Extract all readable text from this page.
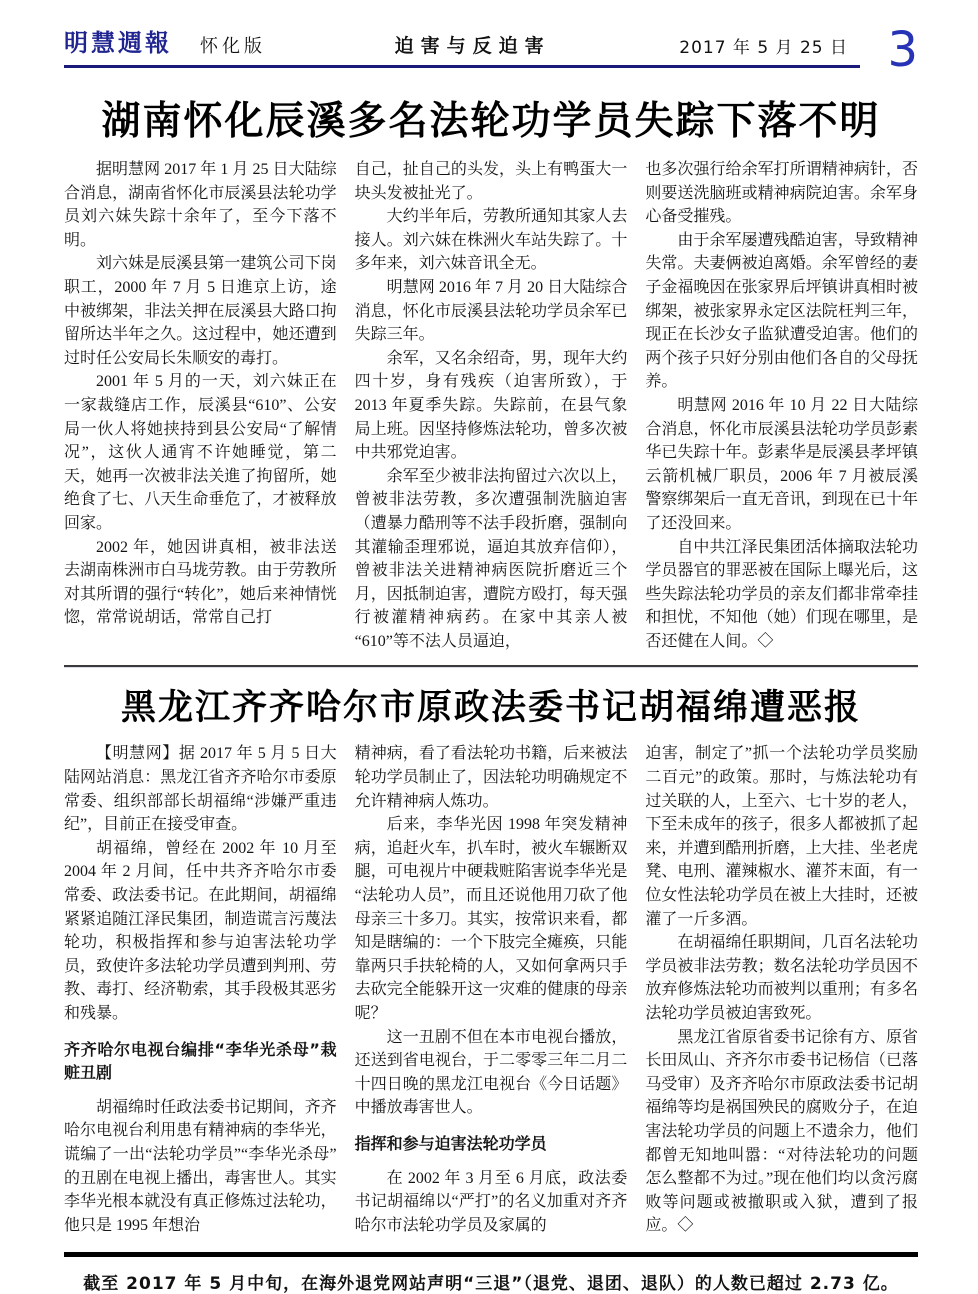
明慧週報 怀化版	迫害与反迫害	2017 年 5 月 25 日 3
湖南怀化辰溪多名法轮功学员失踪下落不明

据明慧网 2017 年 1 月 25 日大陆综合消息，湖南省怀化市辰溪县法轮功学员刘六妹失踪十余年了，至今下落不明。

刘六妹是辰溪县第一建筑公司下岗职工，2000 年 7 月 5 日進京上访，途中被绑架，非法关押在辰溪县大路口拘留所达半年之久。这过程中，她还遭到过时任公安局长朱顺安的毒打。

2001 年 5 月的一天，刘六妹正在一家裁缝店工作，辰溪县“610”、公安局一伙人将她挟持到县公安局“了解情况”，这伙人通宵不许她睡觉，第二天，她再一次被非法关進了拘留所，她绝食了七、八天生命垂危了，才被释放回家。

2002 年，她因讲真相，被非法送去湖南株洲市白马垅劳教。由于劳教所对其所谓的强行“转化”，她后来神情恍惚，常常说胡话，常常自己打

自己，扯自己的头发，头上有鸭蛋大一块头发被扯光了。

大约半年后，劳教所通知其家人去接人。刘六妹在株洲火车站失踪了。十多年来，刘六妹音讯全无。

明慧网 2016 年 7 月 20 日大陆综合消息，怀化市辰溪县法轮功学员余军已失踪三年。

余军，又名余绍奇，男，现年大约四十岁，身有残疾（迫害所致），于 2013 年夏季失踪。失踪前，在县气象局上班。因坚持修炼法轮功，曾多次被中共邪党迫害。

余军至少被非法拘留过六次以上，曾被非法劳教，多次遭强制洗脑迫害（遭暴力酷刑等不法手段折磨，强制向其灌输歪理邪说，逼迫其放弃信仰），曾被非法关进精神病医院折磨近三个月，因抵制迫害，遭院方殴打，每天强行被灌精神病药。在家中其亲人被“610”等不法人员逼迫，

也多次强行给余军打所谓精神病针，否则要送洗脑班或精神病院迫害。余军身心备受摧残。

由于余军屡遭残酷迫害，导致精神失常。夫妻俩被迫离婚。余军曾经的妻子金福晚因在张家界后坪镇讲真相时被绑架，被张家界永定区法院枉判三年，现正在长沙女子监狱遭受迫害。他们的两个孩子只好分别由他们各自的父母抚养。

明慧网 2016 年 10 月 22 日大陆综合消息，怀化市辰溪县法轮功学员彭素华已失踪十年。彭素华是辰溪县孝坪镇云箭机械厂职员，2006 年 7 月被辰溪警察绑架后一直无音讯，到现在已十年了还没回来。

自中共江泽民集团活体摘取法轮功学员器官的罪恶被在国际上曝光后，这些失踪法轮功学员的亲友们都非常牵挂和担忧，不知他（她）们现在哪里，是否还健在人间。◇

黑龙江齐齐哈尔市原政法委书记胡福绵遭恶报

【明慧网】据 2017 年 5 月 5 日大陆网站消息：黑龙江省齐齐哈尔市委原常委、组织部部长胡福绵“涉嫌严重违纪”，目前正在接受审查。

胡福绵，曾经在 2002 年 10 月至 2004 年 2 月间，任中共齐齐哈尔市委常委、政法委书记。在此期间，胡福绵紧紧追随江泽民集团，制造谎言污蔑法轮功，积极指挥和参与迫害法轮功学员，致使许多法轮功学员遭到判刑、劳教、毒打、经济勒索，其手段极其恶劣和残暴。

齐齐哈尔电视台编排“李华光杀母”栽赃丑剧

胡福绵时任政法委书记期间，齐齐哈尔电视台利用患有精神病的李华光，谎编了一出“法轮功学员”“李华光杀母”的丑剧在电视上播出，毒害世人。其实李华光根本就没有真正修炼过法轮功，他只是 1995 年想治

精神病，看了看法轮功书籍，后来被法轮功学员制止了，因法轮功明确规定不允许精神病人炼功。

后来，李华光因 1998 年突发精神病，追赶火车，扒车时，被火车辗断双腿，可电视片中硬栽赃陷害说李华光是“法轮功人员”，而且还说他用刀砍了他母亲三十多刀。其实，按常识来看，都知是瞎编的：一个下肢完全瘫痪，只能靠两只手扶轮椅的人，又如何拿两只手去砍完全能躲开这一灾难的健康的母亲呢？

这一丑剧不但在本市电视台播放，还送到省电视台，于二零零三年二月二十四日晚的黑龙江电视台《今日话题》中播放毒害世人。

指挥和参与迫害法轮功学员

在 2002 年 3 月至 6 月底，政法委书记胡福绵以“严打”的名义加重对齐齐哈尔市法轮功学员及家属的

迫害，制定了”抓一个法轮功学员奖励二百元”的政策。那时，与炼法轮功有过关联的人，上至六、七十岁的老人，下至未成年的孩子，很多人都被抓了起来，并遭到酷刑折磨，上大挂、坐老虎凳、电刑、灌辣椒水、灌芥末面，有一位女性法轮功学员在被上大挂时，还被灌了一斤多酒。

在胡福绵任职期间，几百名法轮功学员被非法劳教；数名法轮功学员因不放弃修炼法轮功而被判以重刑；有多名法轮功学员被迫害致死。

黑龙江省原省委书记徐有方、原省长田凤山、齐齐尔市委书记杨信（已落马受审）及齐齐哈尔市原政法委书记胡福绵等均是祸国殃民的腐败分子，在迫害法轮功学员的问题上不遗余力，他们都曾无知地叫嚣：“对待法轮功的问题怎么整都不为过。”现在他们均以贪污腐败等问题或被撤职或入狱，遭到了报应。◇

截至 2017 年 5 月中旬，在海外退党网站声明“三退”（退党、退团、退队）的人数已超过 2.73 亿。
